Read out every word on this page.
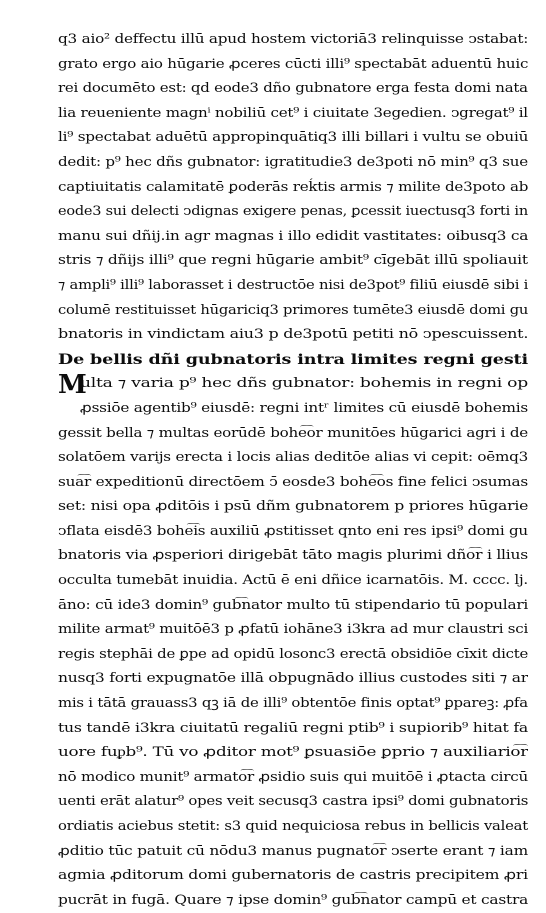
q3 aio² deffectu illū apud hostem victoriā3 relinquisse ↄstabat:
grato ergo aio hūgarie ꝓceres cūcti illi⁹ spectabāt aduentū huic
rei documēto est: qd eode3 dño gubnatore erga festa domi nata
lia reueniente magnⁱ nobiliū cet⁹ i ciuitate 3egedien. ↄgregat⁹ il
li⁹ spectabat aduētū appropinquātiq3 illi billari i vultu se obuiū
dedit: p⁹ hec dñs gubnator: igratitudie3 de3poti nō min⁹ q3 sue
captiuitatis calamitatē ꝑoderās reḱtis armis ⁊ milite de3poto ab
eode3 sui delecti ↄdignas exigere penas, ꝑcessit iuectusq3 forti in
manu sui dñij.in agr magnas i illo edidit vastitates: oibusq3 ca
stris ⁊ dñijs illi⁹ que regni hūgarie ambit⁹ cīgebāt illū spoliauit
⁊ ampli⁹ illi⁹ laborasset i destructōe nisi de3pot⁹ filiū eiusdē sibi i
columē restituisset hūgariciq3 primores tumēte3 eiusdē domi gu
bnatoris in vindictam aiu3 p de3potū petiti nō ↄpescuissent.
De bellis dñi gubnatoris intra limites regni gesti
M
ulta ⁊ varia p⁹ hec dñs gubnator: bohemis in regni op
ꝓssiōe agentib⁹ eiusdē: regni intʳ limites cū eiusdē bohemis
gessit bella ⁊ multas eorūdē bohe͡or munitōes hūgarici agri i de
solatōem varijs erecta i locis alias deditōe alias vi cepit: oēmq3
sua͡r expeditionū directōem ↄ̄ eosde3 bohe͡os fine felici ↄsumas
set: nisi opa ꝓditōis i psū dñm gubnatorem p priores hūgarie
ↄflata eisdē3 bohe͡is auxiliū ꝓstitisset qnto eni res ipsi⁹ domi gu
bnatoris via ꝓsperiori dirigebāt tāto magis plurimi dño͡r i llius
occulta tumebāt inuidia. Actū ē eni dñice icarnatōis. M. cccc. lj.
āno: cū ide3 domin⁹ gub͡nator multo tū stipendario tū populari
milite armat⁹ muitōē3 p ꝓfatū iohāne3 i3kra ad mur claustri sci
regis stephāi de ꝑpe ad opidū losonc3 erectā obsidiōe cīxit dicte
nusq3 forti expugnatōe illā obpugnādo illius custodes siti ⁊ ar
mis i tātā grauass3 qꝫ iā de illi⁹ obtentōe finis optat⁹ ꝑpareꝫ: ꝓfa
tus tandē i3kra ciuitatū regaliū regni ptib⁹ i supiorib⁹ hitat fa
uore fuᵱb⁹. Tū vo ꝓditor mot⁹ ꝑsuasiōe ꝑprio ⁊ auxiliario͡r
nō modico munit⁹ armato͡r ꝓsidio suis qui muitōē i ꝓtacta circū
uenti erāt alatur⁹ opes veit secusq3 castra ipsi⁹ domi gubnatoris
ordiatis aciebus stetit: s3 quid nequiciosa rebus in bellicis valeat
ꝓditio tūc patuit cū nōdu3 manus pugnato͡r ↄserte erant ⁊ iam
agmia ꝓditorum domi gubernatoris de castris precipitem ꝓri
pucrāt in fugā. Quare ⁊ ipse domin⁹ gub͡nator campū et castra
